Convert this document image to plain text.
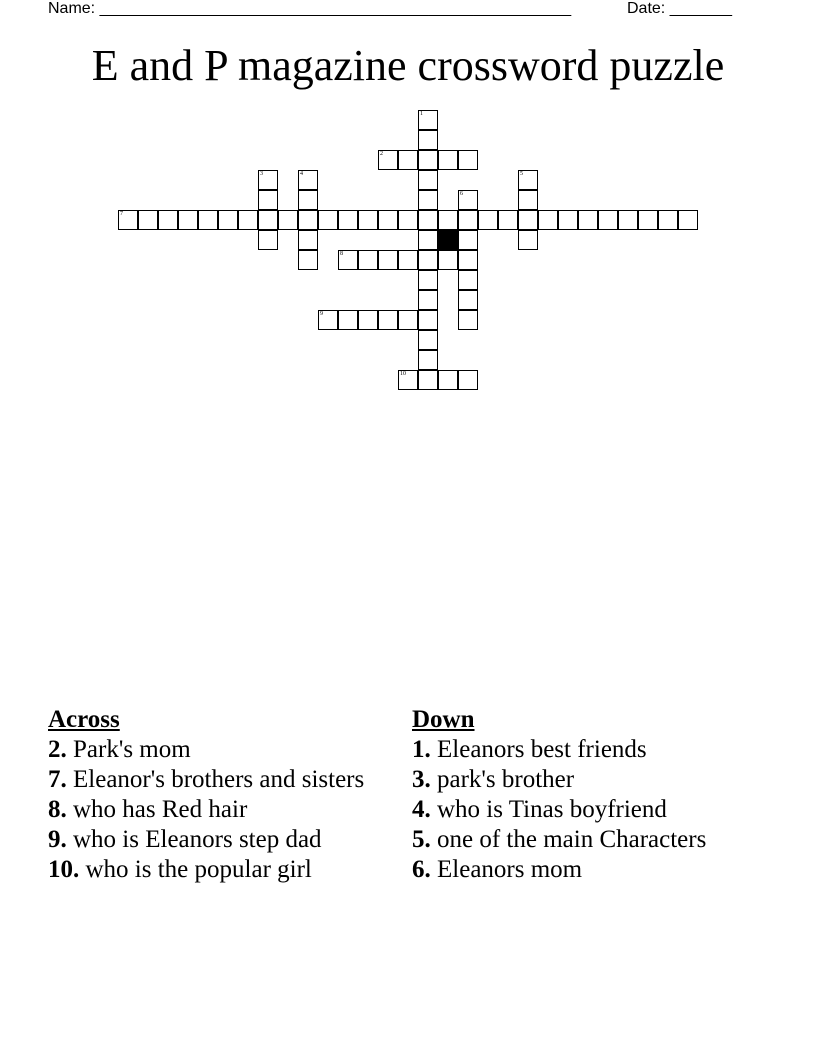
Name: _____________________________________________________	Date: _______
E and P magazine crossword puzzle
1
2
3	4	5
6
7
8
9
10
Across
2. Park's mom
7. Eleanor's brothers and sisters
8. who has Red hair
9. who is Eleanors step dad
10. who is the popular girl
Down
1. Eleanors best friends
3. park's brother
4. who is Tinas boyfriend
5. one of the main Characters
6. Eleanors mom
